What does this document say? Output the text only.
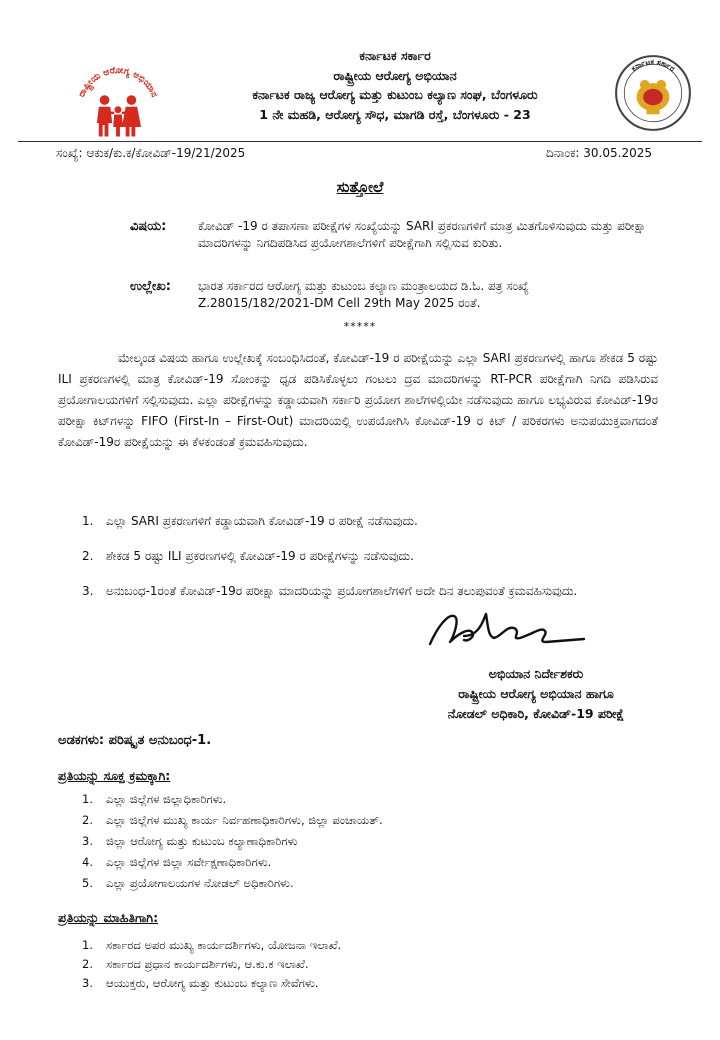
ರಾಷ್ಟ್ರೀಯ ಆರೋಗ್ಯ ಅಭಿಯಾನ
ಕರ್ನಾಟಕ ಸರ್ಕಾರ
ರಾಷ್ಟ್ರೀಯ ಆರೋಗ್ಯ ಅಭಿಯಾನ
ಕರ್ನಾಟಕ ರಾಜ್ಯ ಆರೋಗ್ಯ ಮತ್ತು ಕುಟುಂಬ ಕಲ್ಯಾಣ ಸಂಘ, ಬೆಂಗಳೂರು
1 ನೇ ಮಹಡಿ, ಆರೋಗ್ಯ ಸೌಧ, ಮಾಗಡಿ ರಸ್ತೆ, ಬೆಂಗಳೂರು - 23
ಕರ್ನಾಟಕ ಸರ್ಕಾರ
ಸಂಖ್ಯೆ: ಆಕುಕ/ಕು.ಕ/ಕೋವಿಡ್-19/21/2025	ದಿನಾಂಕ: 30.05.2025
ಸುತ್ತೋಲೆ
ವಿಷಯ:	ಕೋವಿಡ್ -19 ರ ತಪಾಸಣಾ ಪರೀಕ್ಷೆಗಳ ಸಂಖ್ಯೆಯನ್ನು SARI ಪ್ರಕರಣಗಳಿಗೆ ಮಾತ್ರ ಮಿತಗೊಳಿಸುವುದು ಮತ್ತು ಪರೀಕ್ಷಾ ಮಾದರಿಗಳನ್ನು ನಿಗದಿಪಡಿಸಿದ ಪ್ರಯೋಗಶಾಲೆಗಳಿಗೆ ಪರೀಕ್ಷೆಗಾಗಿ ಸಲ್ಲಿಸುವ ಕುರಿತು.
ಉಲ್ಲೇಖ: ಭಾರತ ಸರ್ಕಾರದ ಆರೋಗ್ಯ ಮತ್ತು ಕುಟುಂಬ ಕಲ್ಯಾಣ ಮಂತ್ರಾಲಯದ ಡಿ.ಓ. ಪತ್ರ ಸಂಖ್ಯೆ Z.28015/182/2021-DM Cell 29th May 2025 ರಂತೆ.
*****
ಮೇಲ್ಕಂಡ ವಿಷಯ ಹಾಗೂ ಉಲ್ಲೇಖಕ್ಕೆ ಸಂಬಂಧಿಸಿದಂತೆ, ಕೋವಿಡ್-19 ರ ಪರೀಕ್ಷೆಯನ್ನು ಎಲ್ಲಾ SARI ಪ್ರಕರಣಗಳಲ್ಲಿ ಹಾಗೂ ಶೇಕಡ 5 ರಷ್ಟು ILI ಪ್ರಕರಣಗಳಲ್ಲಿ ಮಾತ್ರ ಕೋವಿಡ್-19 ಸೋಂಕನ್ನು ಧೃಡ ಪಡಿಸಿಕೊಳ್ಳಲು ಗಂಟಲು ದ್ರವ ಮಾದರಿಗಳನ್ನು RT-PCR ಪರೀಕ್ಷೆಗಾಗಿ ನಿಗದಿ ಪಡಿಸಿರುವ ಪ್ರಯೋಗಾಲಯಗಳಿಗೆ ಸಲ್ಲಿಸುವುದು. ಎಲ್ಲಾ ಪರೀಕ್ಷೆಗಳನ್ನು ಕಡ್ಡಾಯವಾಗಿ ಸರ್ಕಾರಿ ಪ್ರಯೋಗ ಶಾಲೆಗಳಲ್ಲಿಯೇ ನಡೆಸುವುದು ಹಾಗೂ ಲಭ್ಯವಿರುವ ಕೋವಿಡ್-19ರ ಪರೀಕ್ಷಾ ಕಿಟ್‌ಗಳನ್ನು FIFO (First-In – First-Out) ಮಾದರಿಯಲ್ಲಿ ಉಪಯೋಗಿಸಿ ಕೋವಿಡ್-19 ರ ಕಿಟ್ / ಪರಿಕರಗಳು ಅನುಪಯುಕ್ತವಾಗದಂತೆ ಕೋವಿಡ್-19ರ ಪರೀಕ್ಷೆಯನ್ನು ಈ ಕೆಳಕಂಡಂತೆ ಕ್ರಮವಹಿಸುವುದು.
1. ಎಲ್ಲಾ SARI ಪ್ರಕರಣಗಳಿಗೆ ಕಡ್ಡಾಯವಾಗಿ ಕೋವಿಡ್-19 ರ ಪರೀಕ್ಷೆ ನಡೆಸುವುದು.
2. ಶೇಕಡ 5 ರಷ್ಟು ILI ಪ್ರಕರಣಗಳಲ್ಲಿ ಕೋವಿಡ್-19 ರ ಪರೀಕ್ಷೆಗಳನ್ನು ನಡೆಸುವುದು.
3. ಅನುಬಂಧ-1ರಂತೆ ಕೋವಿಡ್-19ರ ಪರೀಕ್ಷಾ ಮಾದರಿಯನ್ನು ಪ್ರಯೋಗಶಾಲೆಗಳಿಗೆ ಅದೇ ದಿನ ತಲುಪುವಂತೆ ಕ್ರಮವಹಿಸುವುದು.
ಅಭಿಯಾನ ನಿರ್ದೇಶಕರು
ರಾಷ್ಟ್ರೀಯ ಆರೋಗ್ಯ ಅಭಿಯಾನ ಹಾಗೂ
ನೋಡಲ್ ಅಧಿಕಾರಿ, ಕೋವಿಡ್-19 ಪರೀಕ್ಷೆ
ಅಡಕಗಳು: ಪರಿಷ್ಕೃತ ಅನುಬಂಧ-1.
ಪ್ರತಿಯನ್ನು ಸೂಕ್ತ ಕ್ರಮಕ್ಕಾಗಿ:
1. ಎಲ್ಲಾ ಜಿಲ್ಲೆಗಳ ಜಿಲ್ಲಾಧಿಕಾರಿಗಳು.
2. ಎಲ್ಲಾ ಜಿಲ್ಲೆಗಳ ಮುಖ್ಯ ಕಾರ್ಯ ನಿರ್ವಹಣಾಧಿಕಾರಿಗಳು, ಜಿಲ್ಲಾ ಪಂಚಾಯತ್.
3. ಜಿಲ್ಲಾ ಆರೋಗ್ಯ ಮತ್ತು ಕುಟುಂಬ ಕಲ್ಯಾಣಾಧಿಕಾರಿಗಳು
4. ಎಲ್ಲಾ ಜಿಲ್ಲೆಗಳ ಜಿಲ್ಲಾ ಸರ್ವೇಕ್ಷಣಾಧಿಕಾರಿಗಳು.
5. ಎಲ್ಲಾ ಪ್ರಯೋಗಾಲಯಗಳ ನೋಡಲ್ ಅಧಿಕಾರಿಗಳು.
ಪ್ರತಿಯನ್ನು ಮಾಹಿತಿಗಾಗಿ:
1. ಸರ್ಕಾರದ ಅಪರ ಮುಖ್ಯ ಕಾರ್ಯದರ್ಶಿಗಳು, ಯೋಜನಾ ಇಲಾಖೆ.
2. ಸರ್ಕಾರದ ಪ್ರಧಾನ ಕಾರ್ಯದರ್ಶಿಗಳು, ಆ.ಕು.ಕ ಇಲಾಖೆ.
3. ಆಯುಕ್ತರು, ಆರೋಗ್ಯ ಮತ್ತು ಕುಟುಂಬ ಕಲ್ಯಾಣ ಸೇವೆಗಳು.
